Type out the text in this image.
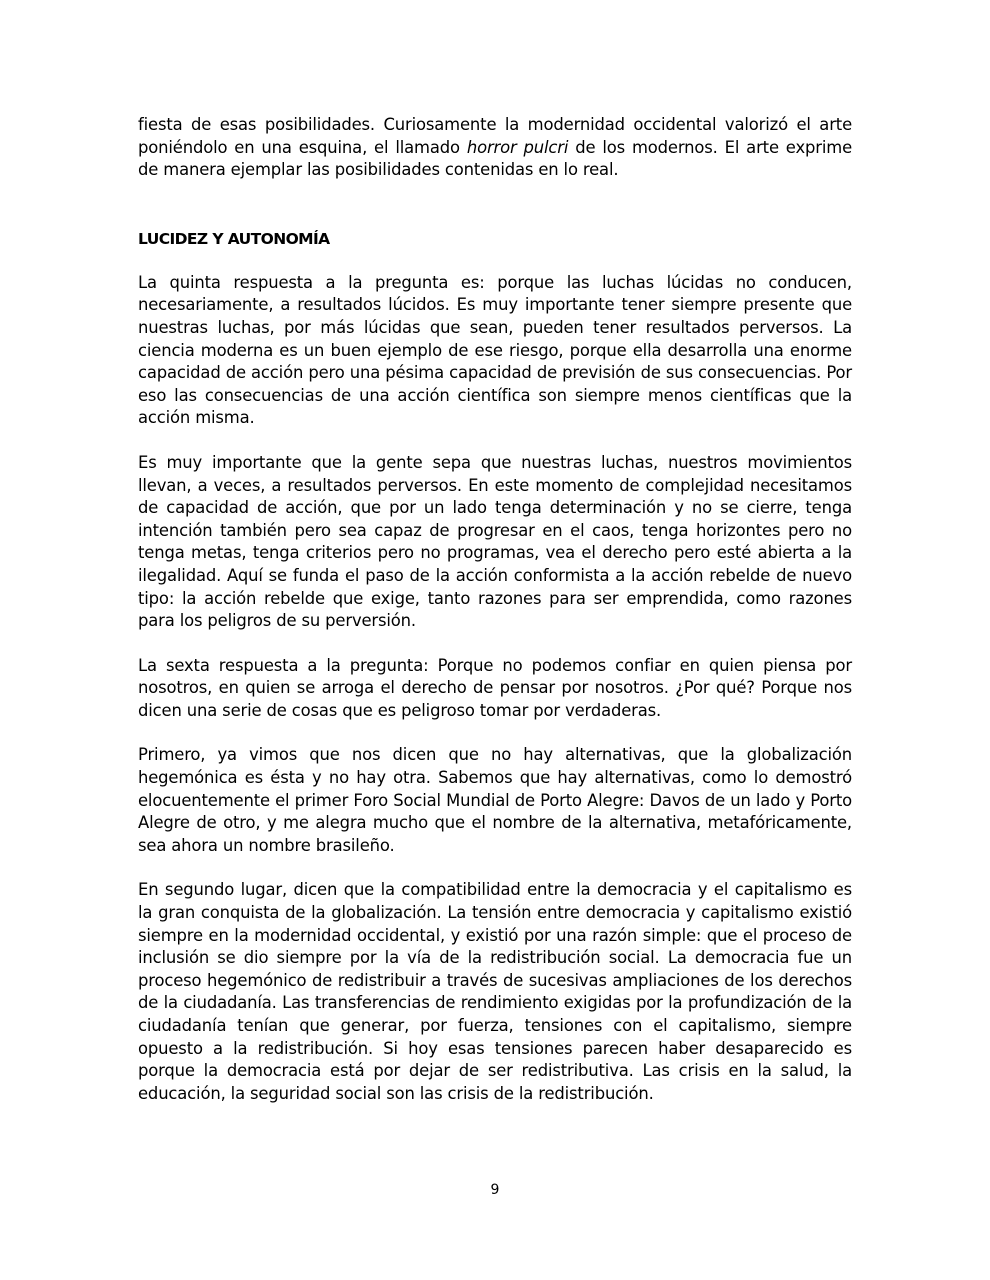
fiesta de esas posibilidades. Curiosamente la modernidad occidental valorizó el arte poniéndolo en una esquina, el llamado horror pulcri de los modernos. El arte exprime de manera ejemplar las posibilidades contenidas en lo real.

LUCIDEZ Y AUTONOMÍA

La quinta respuesta a la pregunta es: porque las luchas lúcidas no conducen, necesariamente, a resultados lúcidos. Es muy importante tener siempre presente que nuestras luchas, por más lúcidas que sean, pueden tener resultados perversos. La ciencia moderna es un buen ejemplo de ese riesgo, porque ella desarrolla una enorme capacidad de acción pero una pésima capacidad de previsión de sus consecuencias. Por eso las consecuencias de una acción científica son siempre menos científicas que la acción misma.

Es muy importante que la gente sepa que nuestras luchas, nuestros movimientos llevan, a veces, a resultados perversos. En este momento de complejidad necesitamos de capacidad de acción, que por un lado tenga determinación y no se cierre, tenga intención también pero sea capaz de progresar en el caos, tenga horizontes pero no tenga metas, tenga criterios pero no programas, vea el derecho pero esté abierta a la ilegalidad. Aquí se funda el paso de la acción conformista a la acción rebelde de nuevo tipo: la acción rebelde que exige, tanto razones para ser emprendida, como razones para los peligros de su perversión.

La sexta respuesta a la pregunta: Porque no podemos confiar en quien piensa por nosotros, en quien se arroga el derecho de pensar por nosotros. ¿Por qué? Porque nos dicen una serie de cosas que es peligroso tomar por verdaderas.

Primero, ya vimos que nos dicen que no hay alternativas, que la globalización hegemónica es ésta y no hay otra. Sabemos que hay alternativas, como lo demostró elocuentemente el primer Foro Social Mundial de Porto Alegre: Davos de un lado y Porto Alegre de otro, y me alegra mucho que el nombre de la alternativa, metafóricamente, sea ahora un nombre brasileño.

En segundo lugar, dicen que la compatibilidad entre la democracia y el capitalismo es la gran conquista de la globalización. La tensión entre democracia y capitalismo existió siempre en la modernidad occidental, y existió por una razón simple: que el proceso de inclusión se dio siempre por la vía de la redistribución social. La democracia fue un proceso hegemónico de redistribuir a través de sucesivas ampliaciones de los derechos de la ciudadanía. Las transferencias de rendimiento exigidas por la profundización de la ciudadanía tenían que generar, por fuerza, tensiones con el capitalismo, siempre opuesto a la redistribución. Si hoy esas tensiones parecen haber desaparecido es porque la democracia está por dejar de ser redistributiva. Las crisis en la salud, la educación, la seguridad social son las crisis de la redistribución.

9
